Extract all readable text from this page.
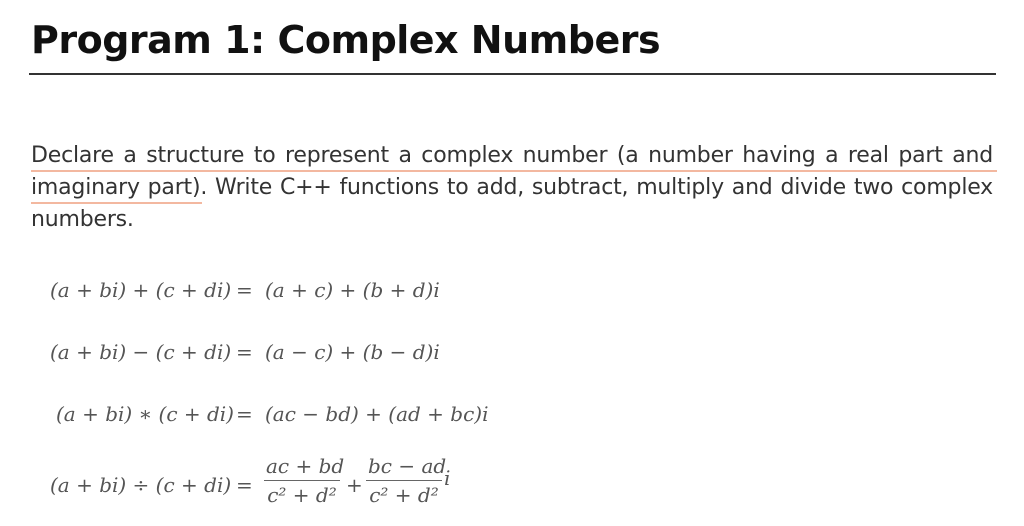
Program 1: Complex Numbers

Declare a structure to represent a complex number (a number having a real part and imaginary part). Write C++ functions to add, subtract, multiply and divide two complex numbers.

(a + bi) + (c + di) = (a + c) + (b + d)i
(a + bi) − (c + di) = (a − c) + (b − d)i
(a + bi) ∗ (c + di) = (ac − bd) + (ad + bc)i
$(a + bi) \div (c + di) = \frac{ac + bd}{\text{c² + d²}} + \frac{bc - ad}{\text{c² + d²}}$ i
